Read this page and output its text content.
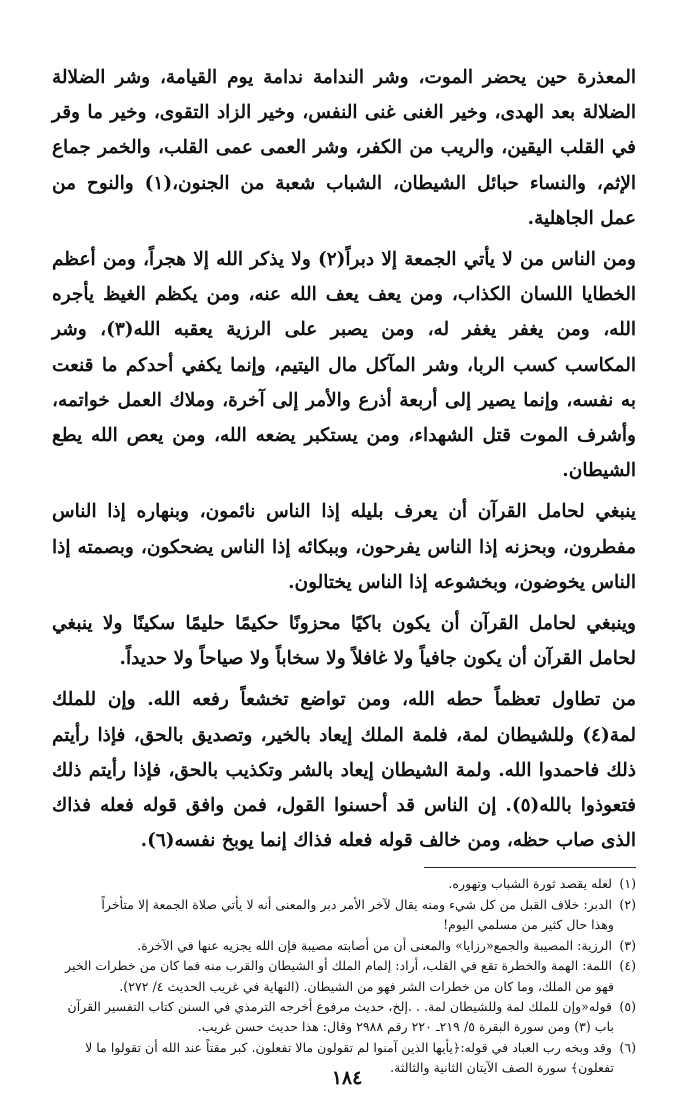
المعذرة حين يحضر الموت، وشر الندامة ندامة يوم القيامة، وشر الضلالة الضلالة بعد الهدى، وخير الغنى غنى النفس، وخير الزاد التقوى، وخير ما وقر في القلب اليقين، والريب من الكفر، وشر العمى عمى القلب، والخمر جماع الإثم، والنساء حبائل الشيطان، الشباب شعبة من الجنون،(١) والنوح من عمل الجاهلية.

ومن الناس من لا يأتي الجمعة إلا دبراً(٢) ولا يذكر الله إلا هجراً، ومن أعظم الخطايا اللسان الكذاب، ومن يعف يعف الله عنه، ومن يكظم الغيظ يأجره الله، ومن يغفر يغفر له، ومن يصبر على الرزية يعقبه الله(٣)، وشر المكاسب كسب الربا، وشر المآكل مال اليتيم، وإنما يكفي أحدكم ما قنعت به نفسه، وإنما يصير إلى أربعة أذرع والأمر إلى آخرة، وملاك العمل خواتمه، وأشرف الموت قتل الشهداء، ومن يستكبر يضعه الله، ومن يعص الله يطع الشيطان.

ينبغي لحامل القرآن أن يعرف بليله إذا الناس نائمون، وبنهاره إذا الناس مفطرون، وبحزنه إذا الناس يفرحون، وببكائه إذا الناس يضحكون، وبصمته إذا الناس يخوضون، وبخشوعه إذا الناس يختالون.

وينبغي لحامل القرآن أن يكون باكيًا محزونًا حكيمًا حليمًا سكينًا ولا ينبغي لحامل القرآن أن يكون جافياً ولا غافلاً ولا سخاباً ولا صياحاً ولا حديداً.

من تطاول تعظماً حطه الله، ومن تواضع تخشعاً رفعه الله. وإن للملك لمة(٤) وللشيطان لمة، فلمة الملك إيعاد بالخير، وتصديق بالحق، فإذا رأيتم ذلك فاحمدوا الله. ولمة الشيطان إيعاد بالشر وتكذيب بالحق، فإذا رأيتم ذلك فتعوذوا بالله(٥). إن الناس قد أحسنوا القول، فمن وافق قوله فعله فذاك الذى صاب حظه، ومن خالف قوله فعله فذاك إنما يوبخ نفسه(٦).

(١) لعله يقصد ثورة الشباب وتهوره.

(٢) الدبر: خلاف القبل من كل شيء ومنه يقال لآخر الأمر دبر والمعنى أنه لا يأتي صلاة الجمعة إلا متأخراً
وهذا حال كثير من مسلمي اليوم!

(٣) الرزية: المصيبة والجمع«رزايا» والمعنى أن من أصابته مصيبة فإن الله يجزيه عنها في الآخرة.

(٤) اللمة: الهمة والخطرة تقع في القلب، أراد: إلمام الملك أو الشيطان والقرب منه فما كان من خطرات الخير
فهو من الملك، وما كان من خطرات الشر فهو من الشيطان. (النهاية في غريب الحديث ٤/ ٢٧٢).

(٥) قوله«وإن للملك لمة وللشيطان لمة. . .إلخ، حديث مرفوع أخرجه الترمذي في السنن كتاب التفسير القرآن
باب (٣) ومن سورة البقرة ٥/ ٢١٩ـ ٢٢٠ رقم ٢٩٨٨ وقال: هذا حديث حسن غريب.

(٦) وقد وبخه رب العباد في قوله:﴿يأيها الذين آمنوا لم تقولون مالا تفعلون. كبر مقتاً عند الله أن تقولوا ما لا
تفعلون﴾ سورة الصف الآيتان الثانية والثالثة.

١٨٤
